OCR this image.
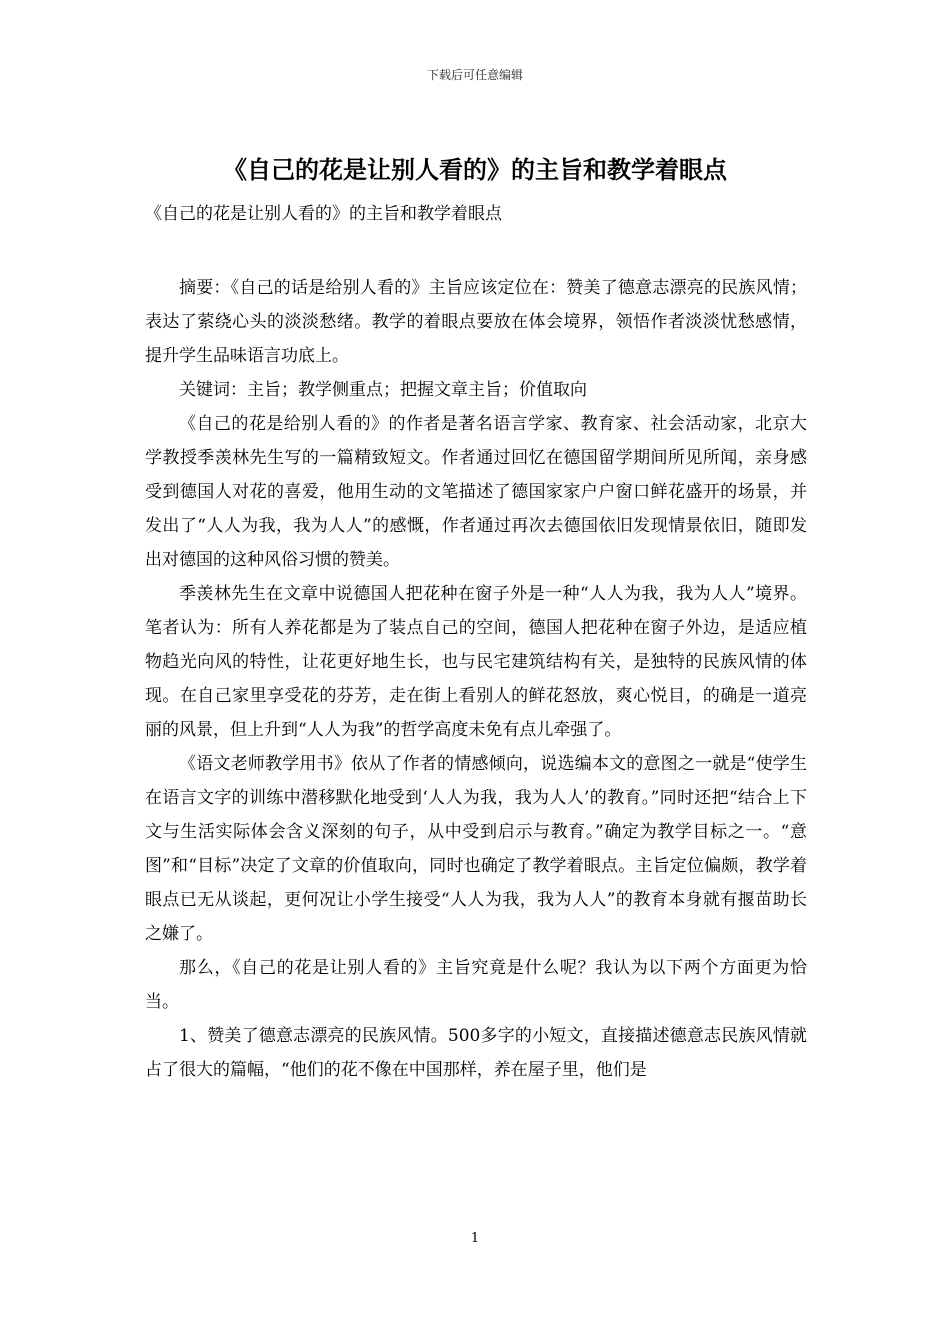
下载后可任意编辑
《自己的花是让别人看的》的主旨和教学着眼点
《自己的花是让别人看的》的主旨和教学着眼点

摘要：《自己的话是给别人看的》主旨应该定位在：赞美了德意志漂亮的民族风情；表达了萦绕心头的淡淡愁绪。教学的着眼点要放在体会境界，领悟作者淡淡忧愁感情，提升学生品味语言功底上。

关键词：主旨；教学侧重点；把握文章主旨；价值取向

《自己的花是给别人看的》的作者是著名语言学家、教育家、社会活动家，北京大学教授季羡林先生写的一篇精致短文。作者通过回忆在德国留学期间所见所闻，亲身感受到德国人对花的喜爱，他用生动的文笔描述了德国家家户户窗口鲜花盛开的场景，并发出了“人人为我，我为人人”的感慨，作者通过再次去德国依旧发现情景依旧，随即发出对德国的这种风俗习惯的赞美。

季羡林先生在文章中说德国人把花种在窗子外是一种“人人为我，我为人人”境界。笔者认为：所有人养花都是为了装点自己的空间，德国人把花种在窗子外边，是适应植物趋光向风的特性，让花更好地生长，也与民宅建筑结构有关，是独特的民族风情的体现。在自己家里享受花的芬芳，走在街上看别人的鲜花怒放，爽心悦目，的确是一道亮丽的风景，但上升到“人人为我”的哲学高度未免有点儿牵强了。

《语文老师教学用书》依从了作者的情感倾向，说选编本文的意图之一就是“使学生在语言文字的训练中潜移默化地受到‘人人为我，我为人人’的教育。”同时还把“结合上下文与生活实际体会含义深刻的句子，从中受到启示与教育。”确定为教学目标之一。“意图”和“目标”决定了文章的价值取向，同时也确定了教学着眼点。主旨定位偏颇，教学着眼点已无从谈起，更何况让小学生接受“人人为我，我为人人”的教育本身就有揠苗助长之嫌了。

那么，《自己的花是让别人看的》主旨究竟是什么呢？我认为以下两个方面更为恰当。

1、赞美了德意志漂亮的民族风情。500多字的小短文，直接描述德意志民族风情就占了很大的篇幅，“他们的花不像在中国那样，养在屋子里，他们是

1
